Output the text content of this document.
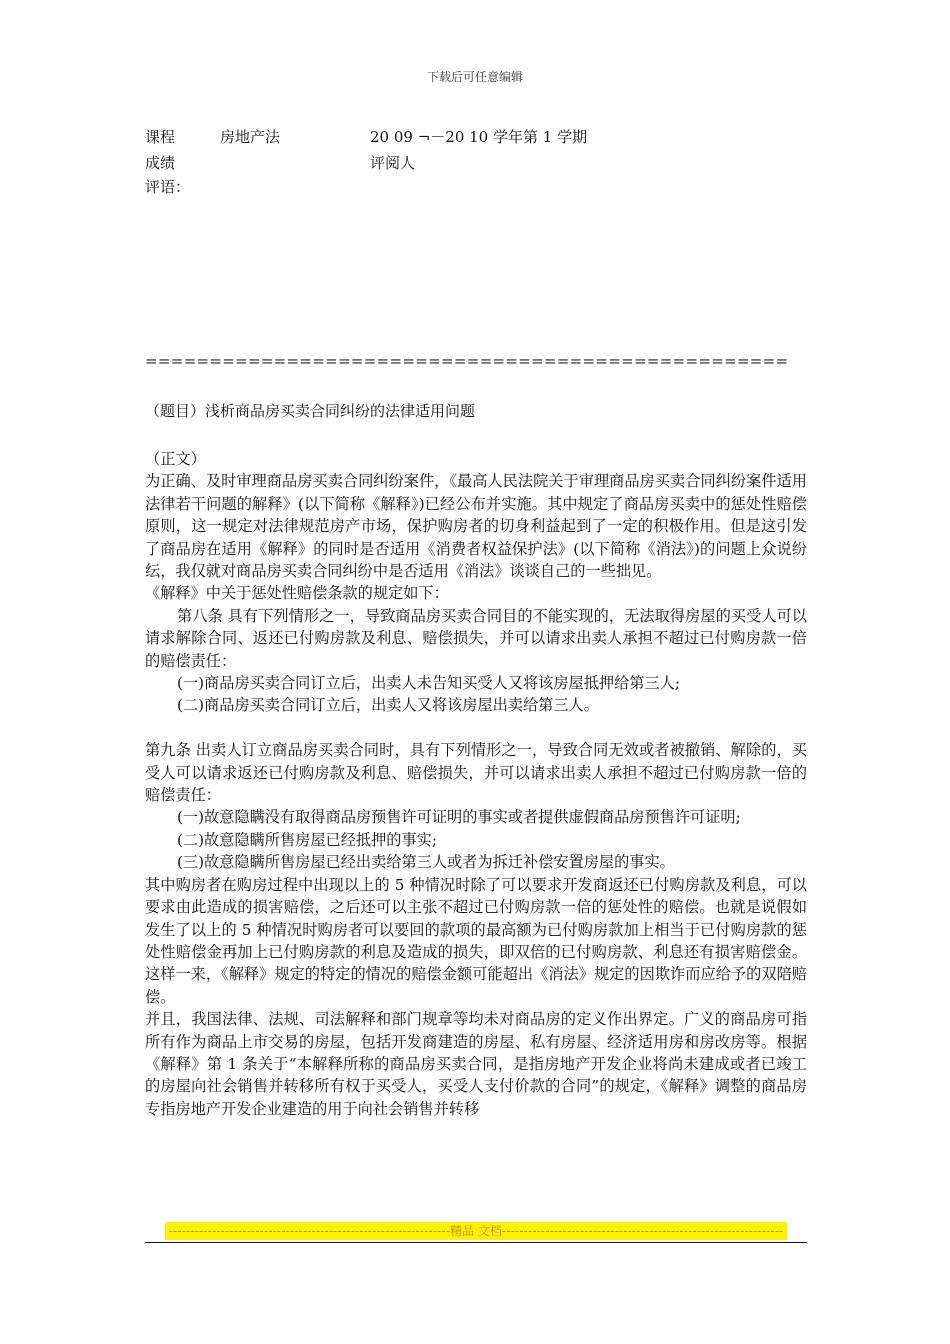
下载后可任意编辑
课程	房地产法	20 09 ¬－20 10 学年第 1 学期
成绩	评阅人
评语：
==================================================
（题目）浅析商品房买卖合同纠纷的法律适用问题

（正文）

为正确、及时审理商品房买卖合同纠纷案件，《最高人民法院关于审理商品房买卖合同纠纷案件适用法律若干问题的解释》(以下简称《解释》)已经公布并实施。其中规定了商品房买卖中的惩处性赔偿原则，这一规定对法律规范房产市场，保护购房者的切身利益起到了一定的积极作用。但是这引发了商品房在适用《解释》的同时是否适用《消费者权益保护法》(以下简称《消法》)的问题上众说纷纭，我仅就对商品房买卖合同纠纷中是否适用《消法》谈谈自己的一些拙见。

《解释》中关于惩处性赔偿条款的规定如下：

第八条 具有下列情形之一，导致商品房买卖合同目的不能实现的，无法取得房屋的买受人可以请求解除合同、返还已付购房款及利息、赔偿损失，并可以请求出卖人承担不超过已付购房款一倍的赔偿责任：

(一)商品房买卖合同订立后，出卖人未告知买受人又将该房屋抵押给第三人;

(二)商品房买卖合同订立后，出卖人又将该房屋出卖给第三人。

第九条 出卖人订立商品房买卖合同时，具有下列情形之一，导致合同无效或者被撤销、解除的，买受人可以请求返还已付购房款及利息、赔偿损失，并可以请求出卖人承担不超过已付购房款一倍的赔偿责任：

(一)故意隐瞒没有取得商品房预售许可证明的事实或者提供虚假商品房预售许可证明;

(二)故意隐瞒所售房屋已经抵押的事实;

(三)故意隐瞒所售房屋已经出卖给第三人或者为拆迁补偿安置房屋的事实。

其中购房者在购房过程中出现以上的 5 种情况时除了可以要求开发商返还已付购房款及利息，可以要求由此造成的损害赔偿，之后还可以主张不超过已付购房款一倍的惩处性的赔偿。也就是说假如发生了以上的 5 种情况时购房者可以要回的款项的最高额为已付购房款加上相当于已付购房款的惩处性赔偿金再加上已付购房款的利息及造成的损失，即双倍的已付购房款、利息还有损害赔偿金。这样一来，《解释》规定的特定的情况的赔偿金额可能超出《消法》规定的因欺诈而应给予的双陪赔偿。

并且，我国法律、法规、司法解释和部门规章等均未对商品房的定义作出界定。广义的商品房可指所有作为商品上市交易的房屋，包括开发商建造的房屋、私有房屋、经济适用房和房改房等。根据《解释》第 1 条关于“本解释所称的商品房买卖合同，是指房地产开发企业将尚未建成或者已竣工的房屋向社会销售并转移所有权于买受人，买受人支付价款的合同”的规定，《解释》调整的商品房专指房地产开发企业建造的用于向社会销售并转移

-----------------------------------------------------------------精品 文档-----------------------------------------------------------------
